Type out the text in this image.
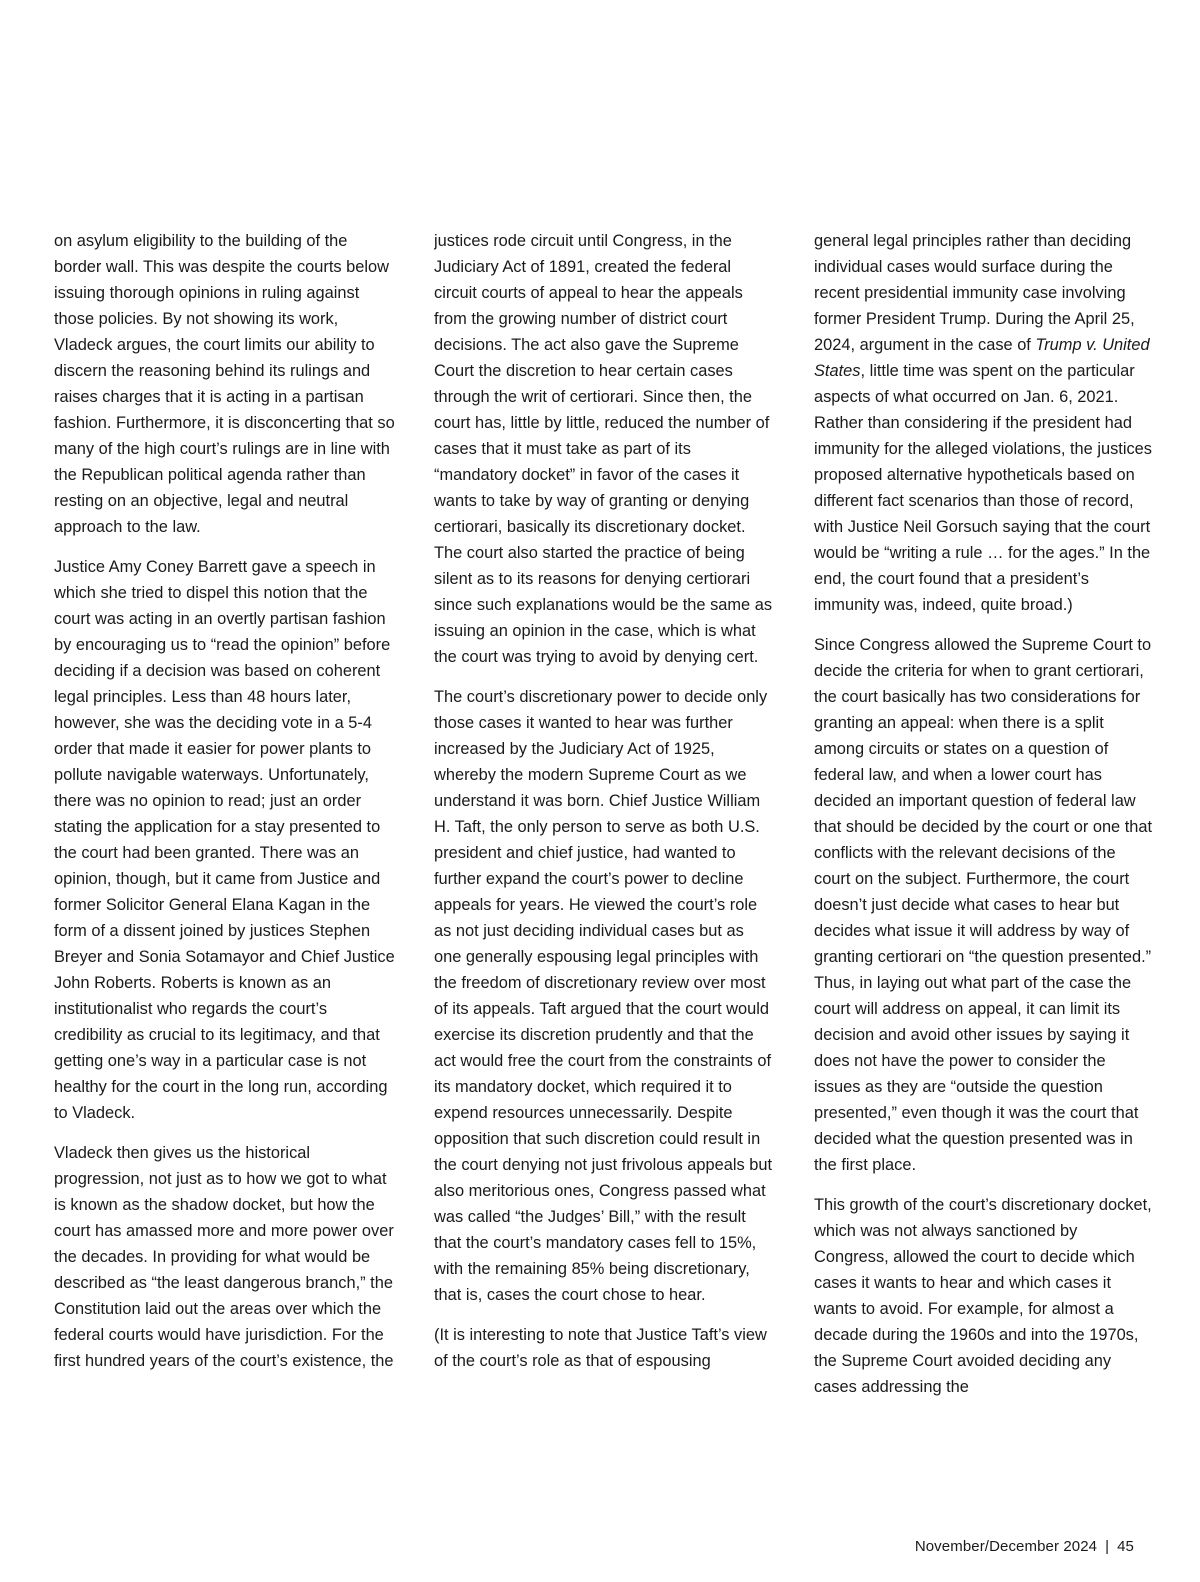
on asylum eligibility to the building of the border wall. This was despite the courts below issuing thorough opinions in ruling against those policies. By not showing its work, Vladeck argues, the court limits our ability to discern the reasoning behind its rulings and raises charges that it is acting in a partisan fashion. Furthermore, it is disconcerting that so many of the high court’s rulings are in line with the Republican political agenda rather than resting on an objective, legal and neutral approach to the law.

Justice Amy Coney Barrett gave a speech in which she tried to dispel this notion that the court was acting in an overtly partisan fashion by encouraging us to “read the opinion” before deciding if a decision was based on coherent legal principles. Less than 48 hours later, however, she was the deciding vote in a 5-4 order that made it easier for power plants to pollute navigable waterways. Unfortunately, there was no opinion to read; just an order stating the application for a stay presented to the court had been granted. There was an opinion, though, but it came from Justice and former Solicitor General Elana Kagan in the form of a dissent joined by justices Stephen Breyer and Sonia Sotamayor and Chief Justice John Roberts. Roberts is known as an institutionalist who regards the court’s credibility as crucial to its legitimacy, and that getting one’s way in a particular case is not healthy for the court in the long run, according to Vladeck.

Vladeck then gives us the historical progression, not just as to how we got to what is known as the shadow docket, but how the court has amassed more and more power over the decades. In providing for what would be described as “the least dangerous branch,” the Constitution laid out the areas over which the federal courts would have jurisdiction. For the first hundred years of the court’s existence, the

justices rode circuit until Congress, in the Judiciary Act of 1891, created the federal circuit courts of appeal to hear the appeals from the growing number of district court decisions. The act also gave the Supreme Court the discretion to hear certain cases through the writ of certiorari. Since then, the court has, little by little, reduced the number of cases that it must take as part of its “mandatory docket” in favor of the cases it wants to take by way of granting or denying certiorari, basically its discretionary docket. The court also started the practice of being silent as to its reasons for denying certiorari since such explanations would be the same as issuing an opinion in the case, which is what the court was trying to avoid by denying cert.

The court’s discretionary power to decide only those cases it wanted to hear was further increased by the Judiciary Act of 1925, whereby the modern Supreme Court as we understand it was born. Chief Justice William H. Taft, the only person to serve as both U.S. president and chief justice, had wanted to further expand the court’s power to decline appeals for years. He viewed the court’s role as not just deciding individual cases but as one generally espousing legal principles with the freedom of discretionary review over most of its appeals. Taft argued that the court would exercise its discretion prudently and that the act would free the court from the constraints of its mandatory docket, which required it to expend resources unnecessarily. Despite opposition that such discretion could result in the court denying not just frivolous appeals but also meritorious ones, Congress passed what was called “the Judges’ Bill,” with the result that the court’s mandatory cases fell to 15%, with the remaining 85% being discretionary, that is, cases the court chose to hear.

(It is interesting to note that Justice Taft’s view of the court’s role as that of espousing

general legal principles rather than deciding individual cases would surface during the recent presidential immunity case involving former President Trump. During the April 25, 2024, argument in the case of Trump v. United States, little time was spent on the particular aspects of what occurred on Jan. 6, 2021. Rather than considering if the president had immunity for the alleged violations, the justices proposed alternative hypotheticals based on different fact scenarios than those of record, with Justice Neil Gorsuch saying that the court would be “writing a rule … for the ages.” In the end, the court found that a president’s immunity was, indeed, quite broad.)

Since Congress allowed the Supreme Court to decide the criteria for when to grant certiorari, the court basically has two considerations for granting an appeal: when there is a split among circuits or states on a question of federal law, and when a lower court has decided an important question of federal law that should be decided by the court or one that conflicts with the relevant decisions of the court on the subject. Furthermore, the court doesn’t just decide what cases to hear but decides what issue it will address by way of granting certiorari on “the question presented.” Thus, in laying out what part of the case the court will address on appeal, it can limit its decision and avoid other issues by saying it does not have the power to consider the issues as they are “outside the question presented,” even though it was the court that decided what the question presented was in the first place.

This growth of the court’s discretionary docket, which was not always sanctioned by Congress, allowed the court to decide which cases it wants to hear and which cases it wants to avoid. For example, for almost a decade during the 1960s and into the 1970s, the Supreme Court avoided deciding any cases addressing the

November/December 2024 | 45
